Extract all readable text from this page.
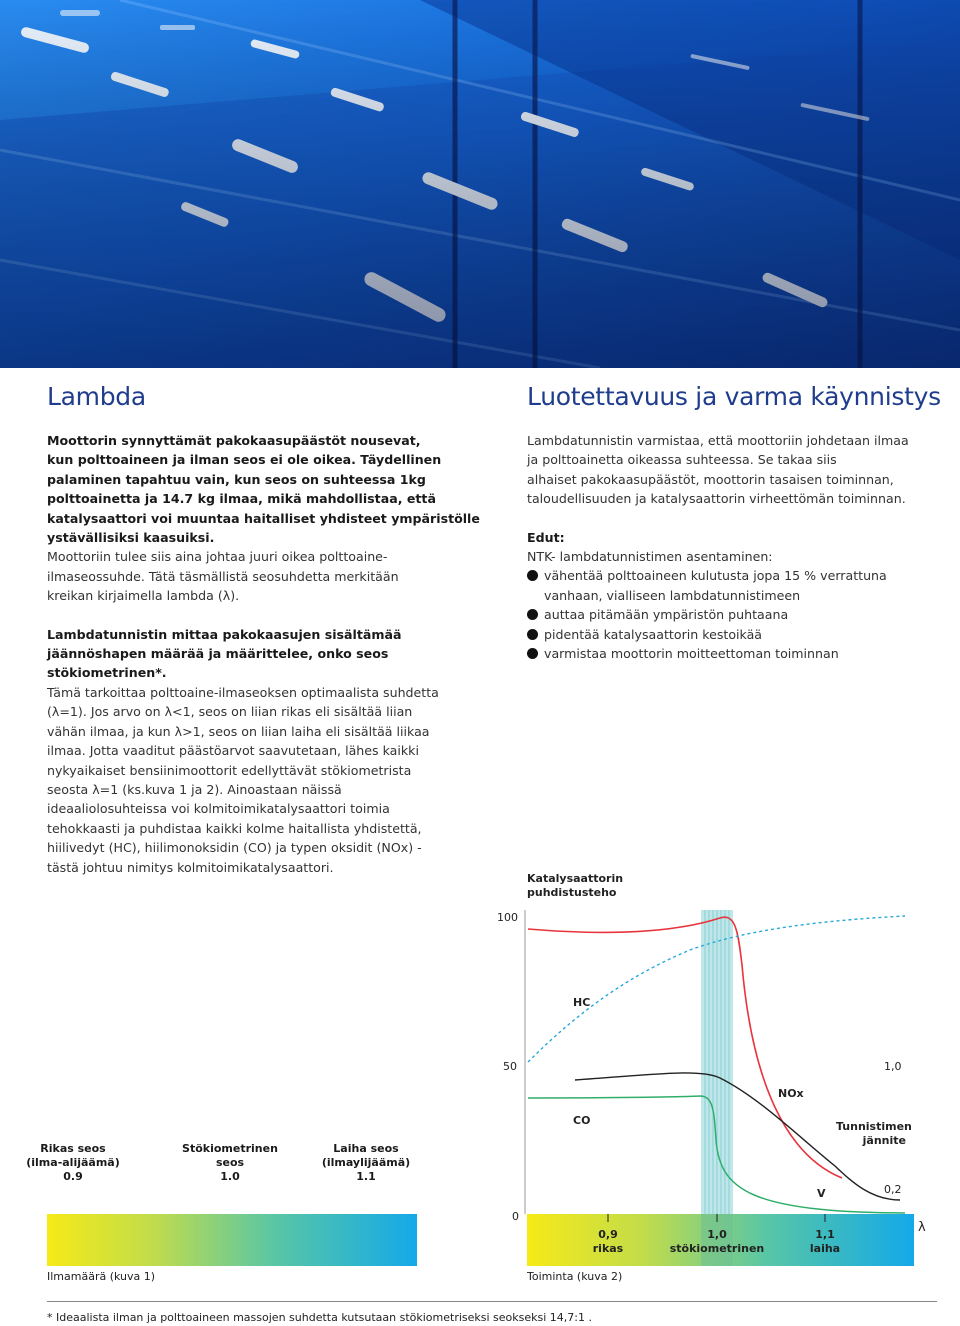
Lambda

Moottorin synnyttämät pakokaasupäästöt nousevat,

kun polttoaineen ja ilman seos ei ole oikea. Täydellinen

palaminen tapahtuu vain, kun seos on suhteessa 1kg

polttoainetta ja 14.7 kg ilmaa, mikä mahdollistaa, että

katalysaattori voi muuntaa haitalliset yhdisteet ympäristölle

ystävällisiksi kaasuiksi.

Moottoriin tulee siis aina johtaa juuri oikea polttoaine-

ilmaseossuhde. Tätä täsmällistä seosuhdetta merkitään

kreikan kirjaimella lambda (λ).

Lambdatunnistin mittaa pakokaasujen sisältämää

jäännöshapen määrää ja määrittelee, onko seos

stökiometrinen*.

Tämä tarkoittaa polttoaine-ilmaseoksen optimaalista suhdetta

(λ=1). Jos arvo on λ<1, seos on liian rikas eli sisältää liian

vähän ilmaa, ja kun λ>1, seos on liian laiha eli sisältää liikaa

ilmaa. Jotta vaaditut päästöarvot saavutetaan, lähes kaikki

nykyaikaiset bensiinimoottorit edellyttävät stökiometrista

seosta λ=1 (ks.kuva 1 ja 2). Ainoastaan näissä

ideaaliolosuhteissa voi kolmitoimikatalysaattori toimia

tehokkaasti ja puhdistaa kaikki kolme haitallista yhdistettä,

hiilivedyt (HC), hiilimonoksidin (CO) ja typen oksidit (NOx) -

tästä johtuu nimitys kolmitoimikatalysaattori.

Luotettavuus ja varma käynnistys

Lambdatunnistin varmistaa, että moottoriin johdetaan ilmaa

ja polttoainetta oikeassa suhteessa. Se takaa siis

alhaiset pakokaasupäästöt, moottorin tasaisen toiminnan,

taloudellisuuden ja katalysaattorin virheettömän toiminnan.

Edut:

NTK- lambdatunnistimen asentaminen:

vähentää polttoaineen kulutusta jopa 15 % verrattuna
vanhaan, vialliseen lambdatunnistimeen
auttaa pitämään ympäristön puhtaana
pidentää katalysaattorin kestoikää
varmistaa moottorin moitteettoman toiminnan
Rikas seos
(ilma-alijäämä)
0.9
Stökiometrinen
seos
1.0
Laiha seos
(ilmaylijäämä)
1.1
Ilmamäärä (kuva 1)
Katalysaattorin
puhdistusteho
100
50
0
1,0
0,2
HC
NOx
CO
V
Tunnistimen
jännite
0,9
rikas
1,0
stökiometrinen
1,1
laiha
λ
Toiminta (kuva 2)
* Ideaalista ilman ja polttoaineen massojen suhdetta kutsutaan stökiometriseksi seokseksi 14,7:1 .
